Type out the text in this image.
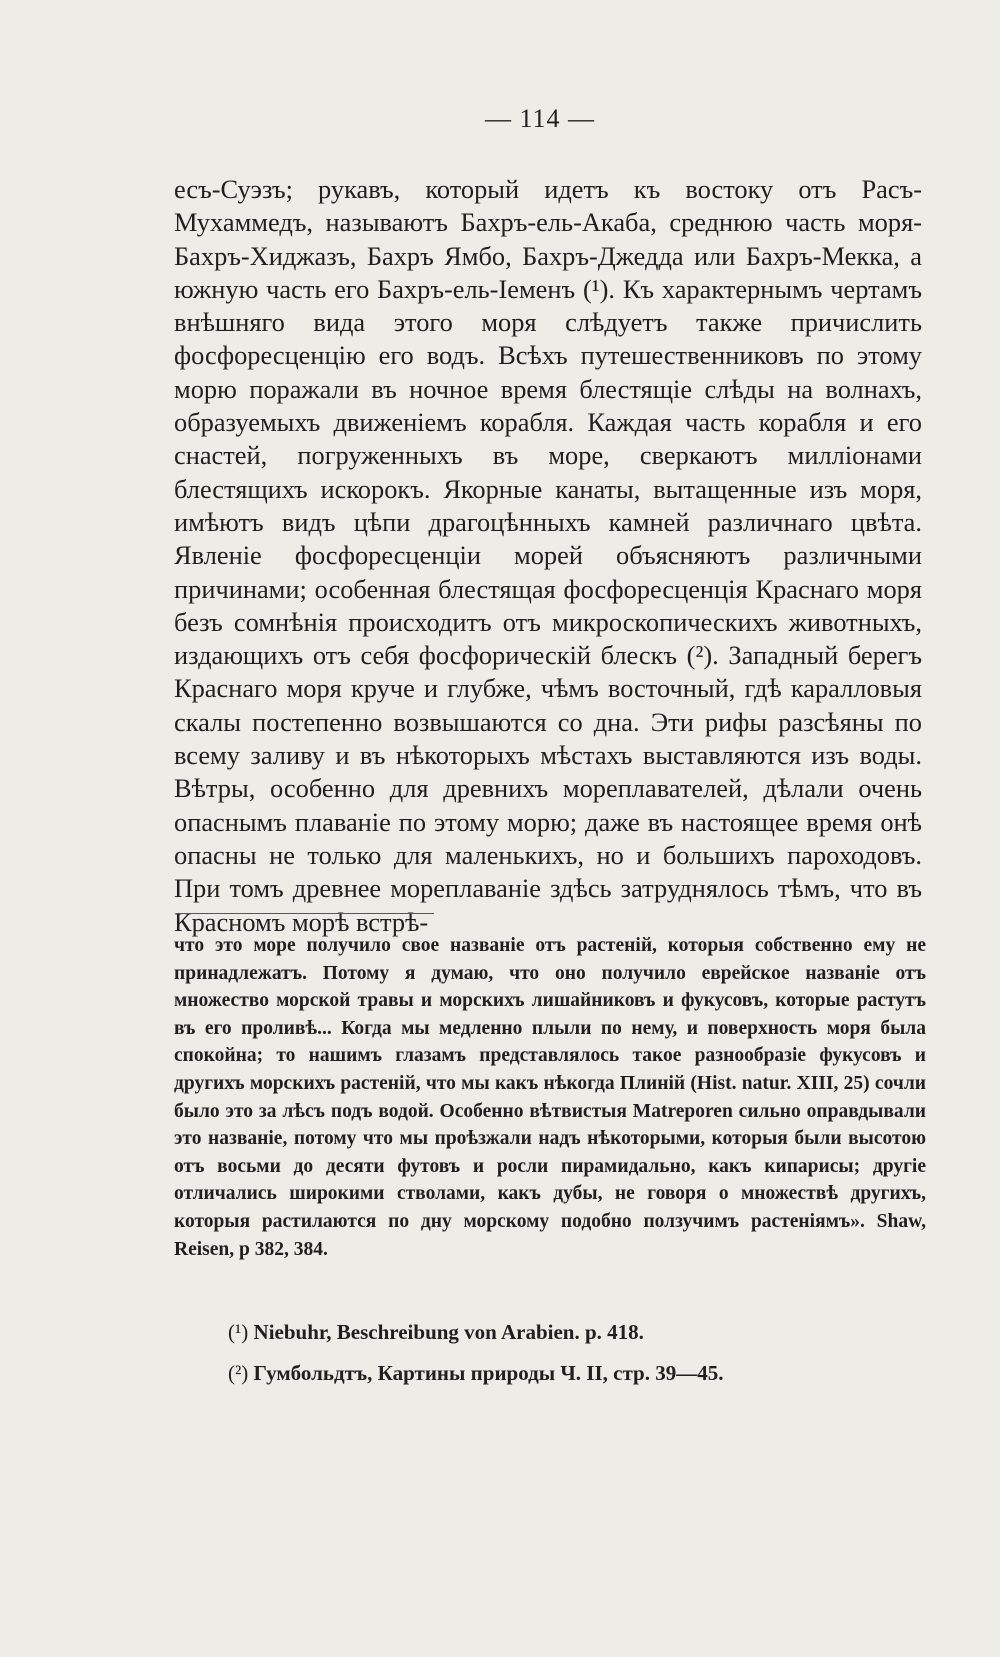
— 114 —

есъ-Суэзъ; рукавъ, который идетъ къ востоку отъ Расъ-Мухаммедъ, называютъ Бахръ-ель-Акаба, среднюю часть моря-Бахръ-Хиджазъ, Бахръ Ямбо, Бахръ-Джедда или Бахръ-Мекка, а южную часть его Бахръ-ель-Іеменъ (¹). Къ характернымъ чертамъ внѣшняго вида этого моря слѣдуетъ также причислить фосфоресценцію его водъ. Всѣхъ путешественниковъ по этому морю поражали въ ночное время блестящіе слѣды на волнахъ, образуемыхъ движеніемъ корабля. Каждая часть корабля и его снастей, погруженныхъ въ море, сверкаютъ милліонами блестящихъ искорокъ. Якорные канаты, вытащенные изъ моря, имѣютъ видъ цѣпи драгоцѣнныхъ камней различнаго цвѣта. Явленіе фосфоресценціи морей объясняютъ различными причинами; особенная блестящая фосфоресценція Краснаго моря безъ сомнѣнія происходитъ отъ микроскопическихъ животныхъ, издающихъ отъ себя фосфорическій блескъ (²). Западный берегъ Краснаго моря круче и глубже, чѣмъ восточный, гдѣ каралловыя скалы постепенно возвышаются со дна. Эти рифы разсѣяны по всему заливу и въ нѣкоторыхъ мѣстахъ выставляются изъ воды. Вѣтры, особенно для древнихъ мореплавателей, дѣлали очень опаснымъ плаваніе по этому морю; даже въ настоящее время онѣ опасны не только для маленькихъ, но и большихъ пароходовъ. При томъ древнее мореплаваніе здѣсь затруднялось тѣмъ, что въ Красномъ морѣ встрѣ-

что это море получило свое названіе отъ растеній, которыя собственно ему не принадлежатъ. Потому я думаю, что оно получило еврейское названіе отъ множество морской травы и морскихъ лишайниковъ и фукусовъ, которые растутъ въ его проливѣ... Когда мы медленно плыли по нему, и поверхность моря была спокойна; то нашимъ глазамъ представлялось такое разнообразіе фукусовъ и другихъ морскихъ растеній, что мы какъ нѣкогда Плиній (Hist. natur. XIII, 25) сочли было это за лѣсъ подъ водой. Особенно вѣтвистыя Matreporen сильно оправдывали это названіе, потому что мы проѣзжали надъ нѣкоторыми, которыя были высотою отъ восьми до десяти футовъ и росли пирамидально, какъ кипарисы; другіе отличались широкими стволами, какъ дубы, не говоря о множествѣ другихъ, которыя растилаются по дну морскому подобно ползучимъ растеніямъ». Shaw, Reisen, p 382, 384.

(¹) Niebuhr, Beschreibung von Arabien. p. 418.
(²) Гумбольдтъ, Картины природы Ч. II, стр. 39—45.
